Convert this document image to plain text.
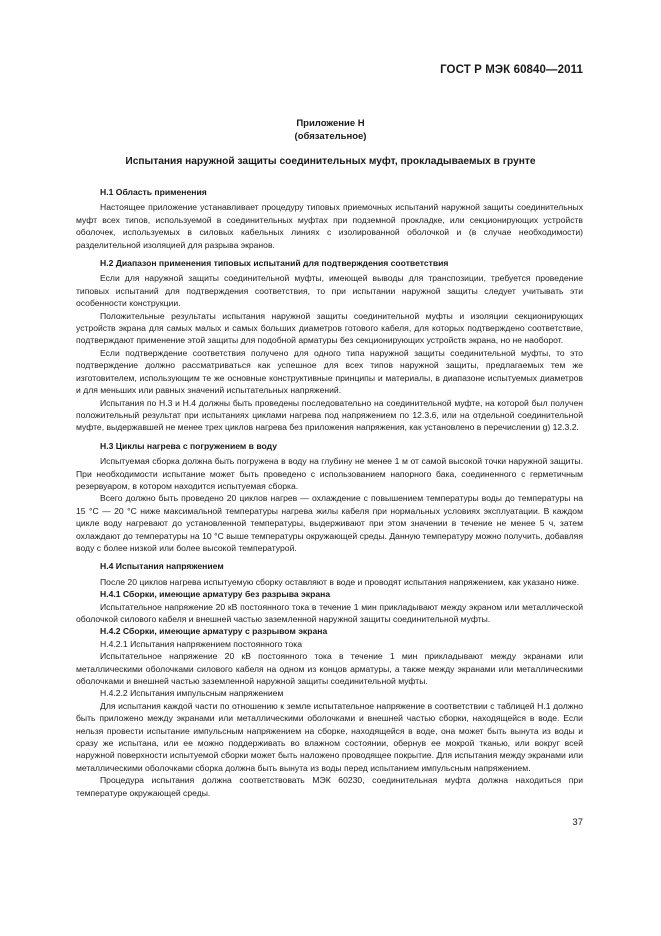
ГОСТ Р МЭК 60840—2011
Приложение Н
(обязательное)
Испытания наружной защиты соединительных муфт, прокладываемых в грунте
Н.1 Область применения

Настоящее приложение устанавливает процедуру типовых приемочных испытаний наружной защиты соединительных муфт всех типов, используемой в соединительных муфтах при подземной прокладке, или секционирующих устройств оболочек, используемых в силовых кабельных линиях с изолированной оболочкой и (в случае необходимости) разделительной изоляцией для разрыва экранов.

Н.2 Диапазон применения типовых испытаний для подтверждения соответствия

Если для наружной защиты соединительной муфты, имеющей выводы для транспозиции, требуется проведение типовых испытаний для подтверждения соответствия, то при испытании наружной защиты следует учитывать эти особенности конструкции.

Положительные результаты испытания наружной защиты соединительной муфты и изоляции секционирующих устройств экрана для самых малых и самых больших диаметров готового кабеля, для которых подтверждено соответствие, подтверждают применение этой защиты для подобной арматуры без секционирующих устройств экрана, но не наоборот.

Если подтверждение соответствия получено для одного типа наружной защиты соединительной муфты, то это подтверждение должно рассматриваться как успешное для всех типов наружной защиты, предлагаемых тем же изготовителем, использующим те же основные конструктивные принципы и материалы, в диапазоне испытуемых диаметров и для меньших или равных значений испытательных напряжений.

Испытания по Н.3 и Н.4 должны быть проведены последовательно на соединительной муфте, на которой был получен положительный результат при испытаниях циклами нагрева под напряжением по 12.3.6, или на отдельной соединительной муфте, выдержавшей не менее трех циклов нагрева без приложения напряжения, как установлено в перечислении g) 12.3.2.

Н.3 Циклы нагрева с погружением в воду

Испытуемая сборка должна быть погружена в воду на глубину не менее 1 м от самой высокой точки наружной защиты. При необходимости испытание может быть проведено с использованием напорного бака, соединенного с герметичным резервуаром, в котором находится испытуемая сборка.

Всего должно быть проведено 20 циклов нагрев — охлаждение с повышением температуры воды до температуры на 15 °C — 20 °C ниже максимальной температуры нагрева жилы кабеля при нормальных условиях эксплуатации. В каждом цикле воду нагревают до установленной температуры, выдерживают при этом значении в течение не менее 5 ч, затем охлаждают до температуры на 10 °C выше температуры окружающей среды. Данную температуру можно получить, добавляя воду с более низкой или более высокой температурой.

Н.4 Испытания напряжением

После 20 циклов нагрева испытуемую сборку оставляют в воде и проводят испытания напряжением, как указано ниже.

Н.4.1 Сборки, имеющие арматуру без разрыва экрана

Испытательное напряжение 20 кВ постоянного тока в течение 1 мин прикладывают между экраном или металлической оболочкой силового кабеля и внешней частью заземленной наружной защиты соединительной муфты.

Н.4.2 Сборки, имеющие арматуру с разрывом экрана
Н.4.2.1 Испытания напряжением постоянного тока

Испытательное напряжение 20 кВ постоянного тока в течение 1 мин прикладывают между экранами или металлическими оболочками силового кабеля на одном из концов арматуры, а также между экранами или металлическими оболочками и внешней частью заземленной наружной защиты соединительной муфты.

Н.4.2.2 Испытания импульсным напряжением

Для испытания каждой части по отношению к земле испытательное напряжение в соответствии с таблицей Н.1 должно быть приложено между экранами или металлическими оболочками и внешней частью сборки, находящейся в воде. Если нельзя провести испытание импульсным напряжением на сборке, находящейся в воде, она может быть вынута из воды и сразу же испытана, или ее можно поддерживать во влажном состоянии, обернув ее мокрой тканью, или вокруг всей наружной поверхности испытуемой сборки может быть наложено проводящее покрытие. Для испытания между экранами или металлическими оболочками сборка должна быть вынута из воды перед испытанием импульсным напряжением.

Процедура испытания должна соответствовать МЭК 60230, соединительная муфта должна находиться при температуре окружающей среды.

37
